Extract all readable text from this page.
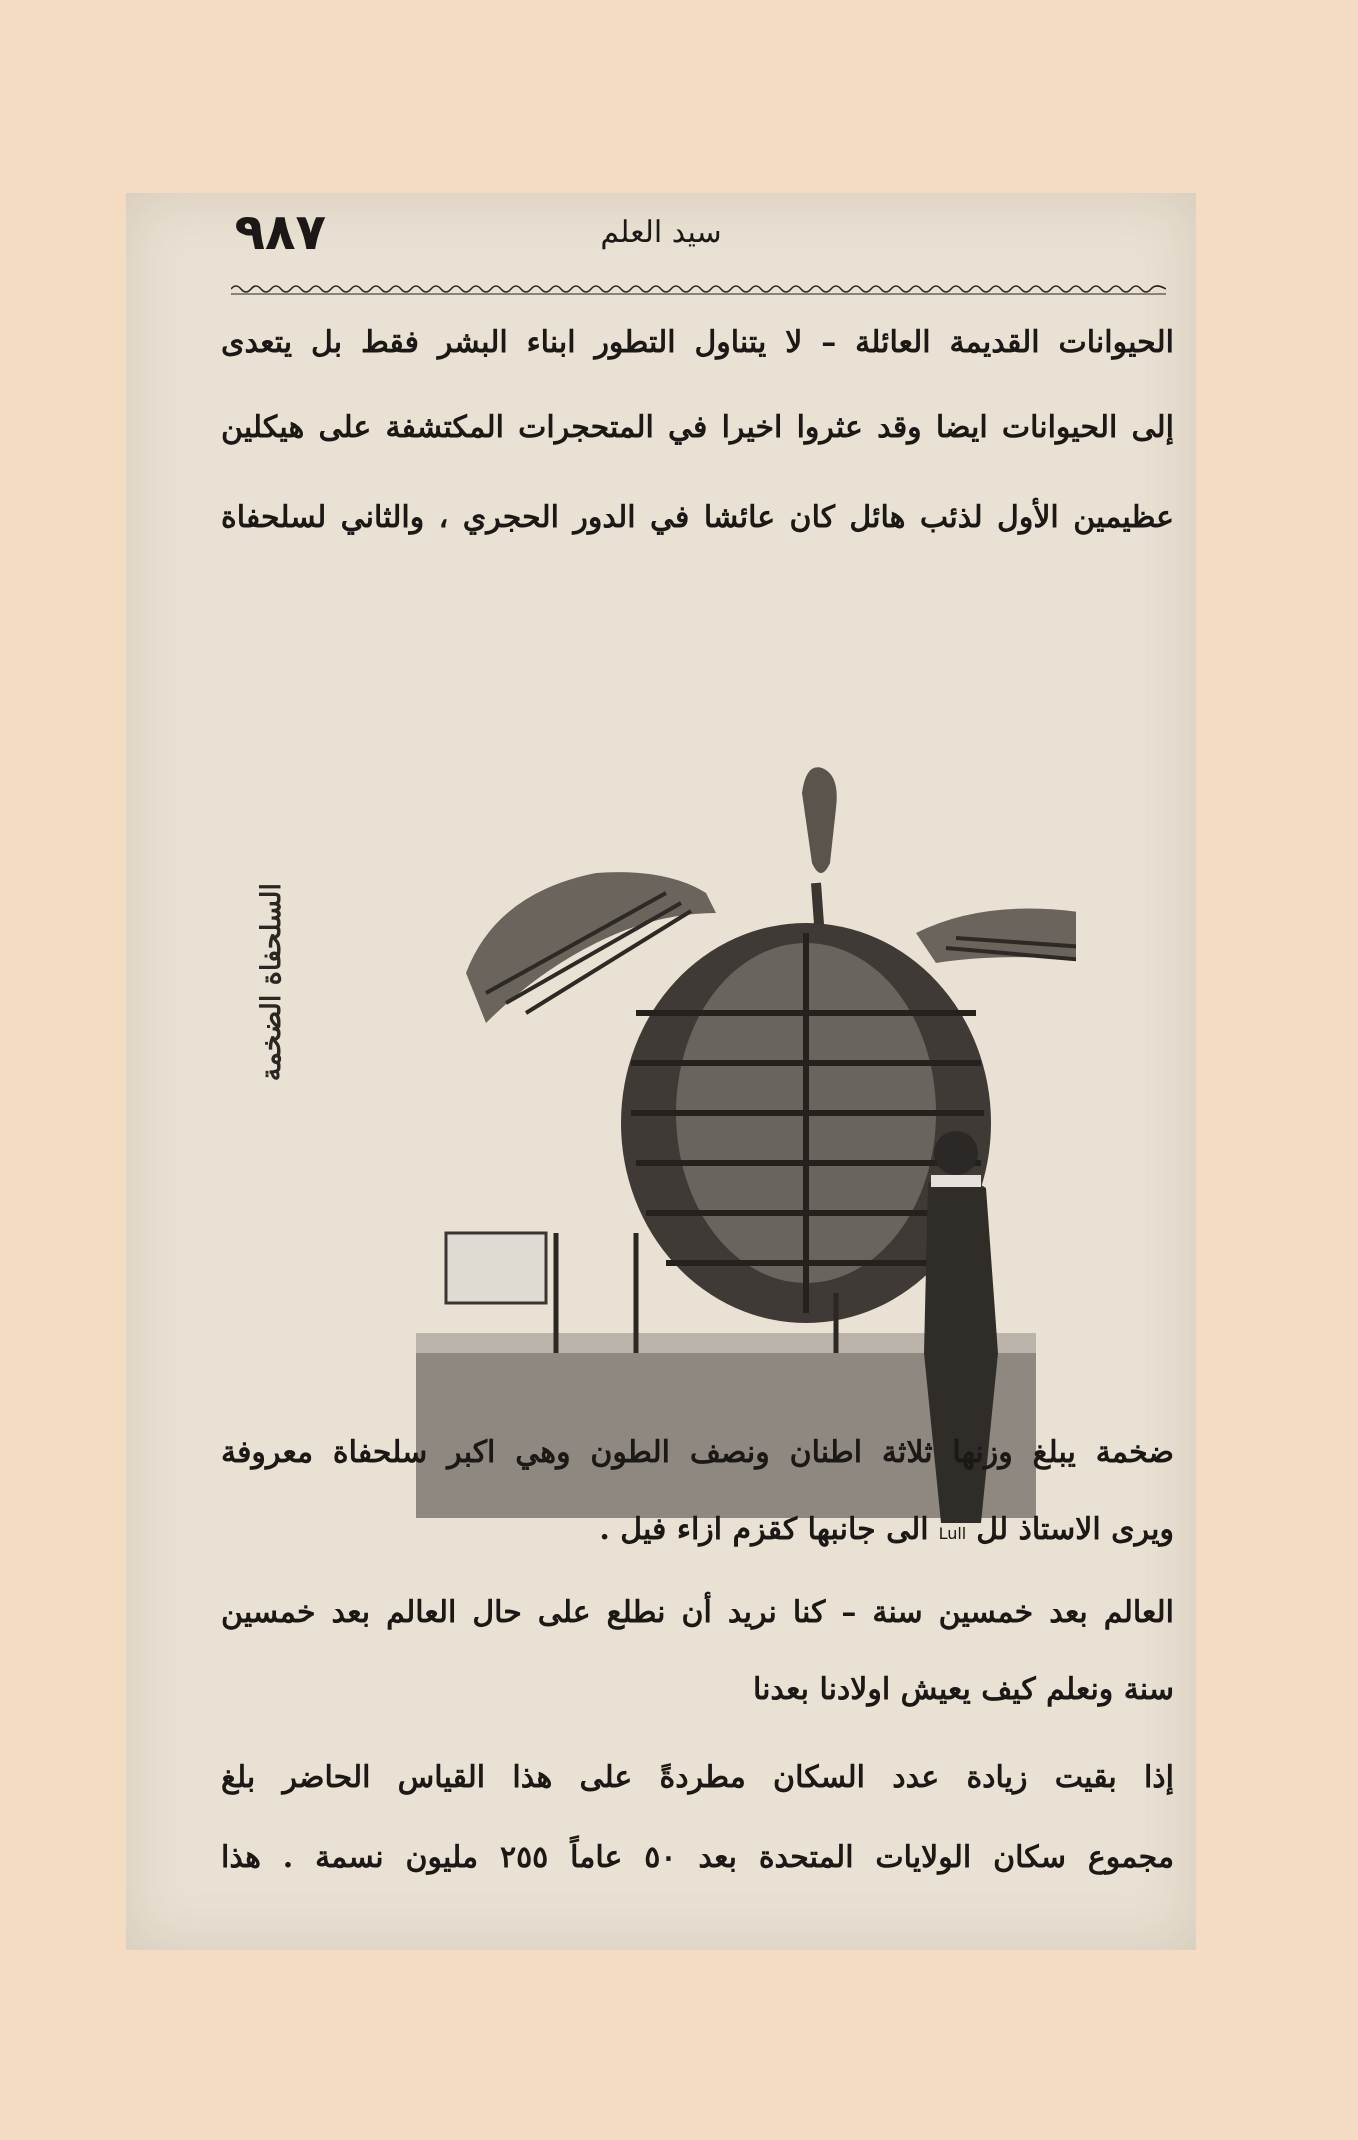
٩٨٧	سيد العلم
الحيوانات القديمة العائلة – لا يتناول التطور ابناء البشر فقط بل يتعدى
إلى الحيوانات ايضا وقد عثروا اخيرا في المتحجرات المكتشفة على هيكلين
عظيمين الأول لذئب هائل كان عائشا في الدور الحجري ، والثاني لسلحفاة
السلحفاة الضخمة
ضخمة يبلغ وزنها ثلاثة اطنان ونصف الطون وهي اكبر سلحفاة معروفة
ويرى الاستاذ للLullالى جانبها كقزم ازاء فيل .
العالم بعد خمسين سنة – كنا نريد أن نطلع على حال العالم بعد خمسين
سنة ونعلم كيف يعيش اولادنا بعدنا
إذا بقيت زيادة عدد السكان مطردةً على هذا القياس الحاضر بلغ
مجموع سكان الولايات المتحدة بعد ٥٠ عاماً ٢٥٥ مليون نسمة . هذا
